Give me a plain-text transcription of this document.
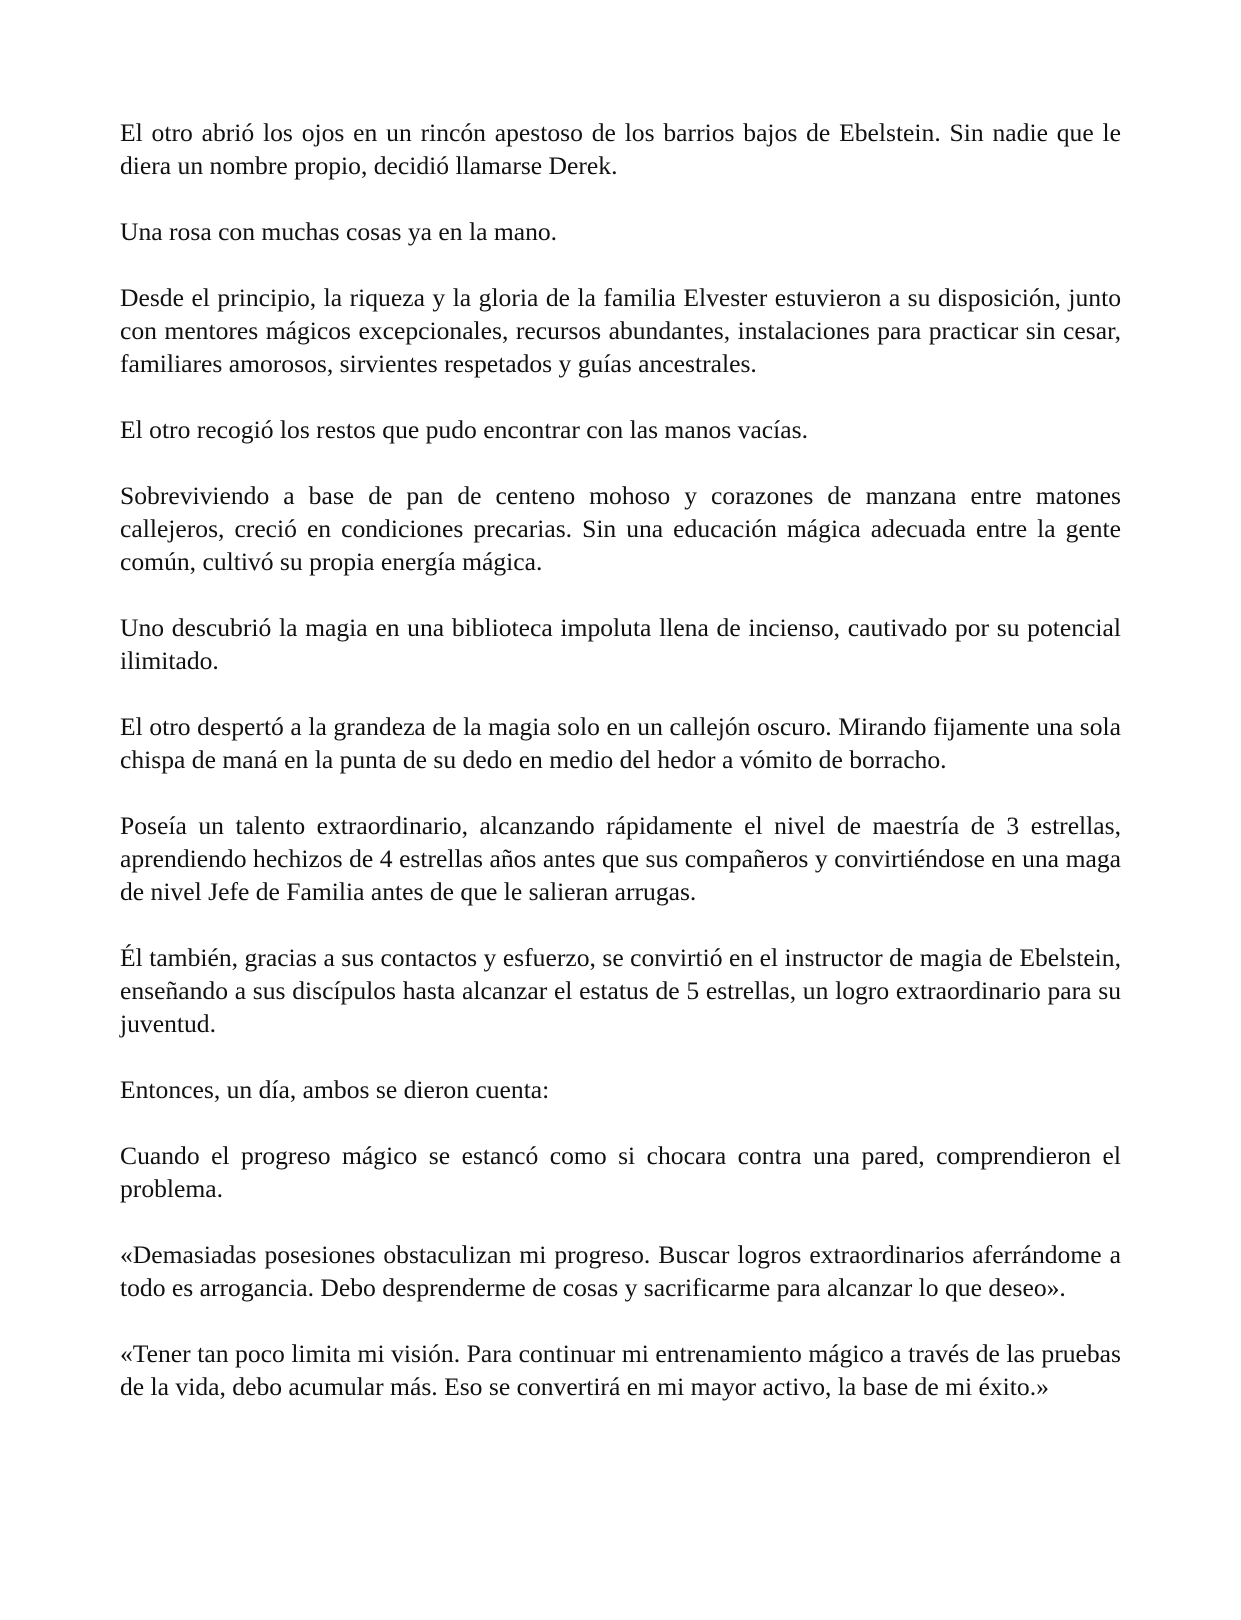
El otro abrió los ojos en un rincón apestoso de los barrios bajos de Ebelstein. Sin nadie que le diera un nombre propio, decidió llamarse Derek.

Una rosa con muchas cosas ya en la mano.

Desde el principio, la riqueza y la gloria de la familia Elvester estuvieron a su disposición, junto con mentores mágicos excepcionales, recursos abundantes, instalaciones para practicar sin cesar, familiares amorosos, sirvientes respetados y guías ancestrales.

El otro recogió los restos que pudo encontrar con las manos vacías.

Sobreviviendo a base de pan de centeno mohoso y corazones de manzana entre matones callejeros, creció en condiciones precarias. Sin una educación mágica adecuada entre la gente común, cultivó su propia energía mágica.

Uno descubrió la magia en una biblioteca impoluta llena de incienso, cautivado por su potencial ilimitado.

El otro despertó a la grandeza de la magia solo en un callejón oscuro. Mirando fijamente una sola chispa de maná en la punta de su dedo en medio del hedor a vómito de borracho.

Poseía un talento extraordinario, alcanzando rápidamente el nivel de maestría de 3 estrellas, aprendiendo hechizos de 4 estrellas años antes que sus compañeros y convirtiéndose en una maga de nivel Jefe de Familia antes de que le salieran arrugas.

Él también, gracias a sus contactos y esfuerzo, se convirtió en el instructor de magia de Ebelstein, enseñando a sus discípulos hasta alcanzar el estatus de 5 estrellas, un logro extraordinario para su juventud.

Entonces, un día, ambos se dieron cuenta:

Cuando el progreso mágico se estancó como si chocara contra una pared, comprendieron el problema.

«Demasiadas posesiones obstaculizan mi progreso. Buscar logros extraordinarios aferrándome a todo es arrogancia. Debo desprenderme de cosas y sacrificarme para alcanzar lo que deseo».

«Tener tan poco limita mi visión. Para continuar mi entrenamiento mágico a través de las pruebas de la vida, debo acumular más. Eso se convertirá en mi mayor activo, la base de mi éxito.»
